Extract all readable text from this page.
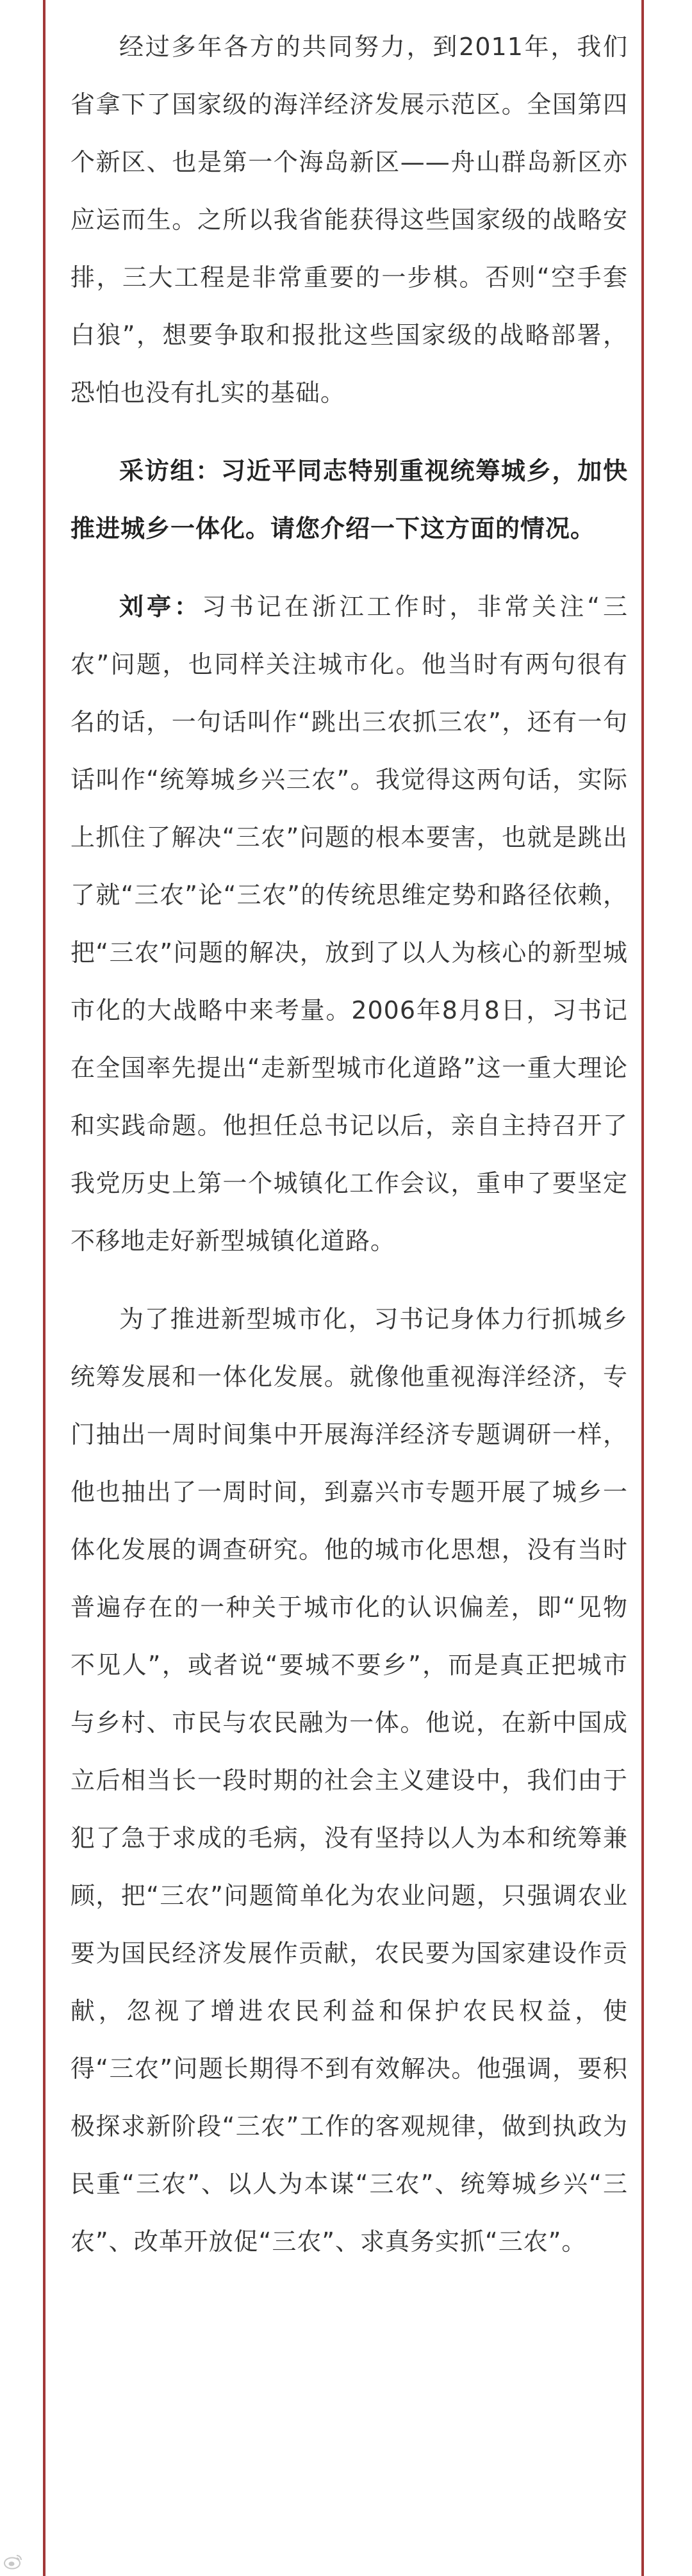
经过多年各方的共同努力，到2011年，我们省拿下了国家级的海洋经济发展示范区。全国第四个新区、也是第一个海岛新区——舟山群岛新区亦应运而生。之所以我省能获得这些国家级的战略安排，三大工程是非常重要的一步棋。否则“空手套白狼”，想要争取和报批这些国家级的战略部署，恐怕也没有扎实的基础。

采访组：习近平同志特别重视统筹城乡，加快推进城乡一体化。请您介绍一下这方面的情况。

刘亭：习书记在浙江工作时，非常关注“三农”问题，也同样关注城市化。他当时有两句很有名的话，一句话叫作“跳出三农抓三农”，还有一句话叫作“统筹城乡兴三农”。我觉得这两句话，实际上抓住了解决“三农”问题的根本要害，也就是跳出了就“三农”论“三农”的传统思维定势和路径依赖，把“三农”问题的解决，放到了以人为核心的新型城市化的大战略中来考量。2006年8月8日，习书记在全国率先提出“走新型城市化道路”这一重大理论和实践命题。他担任总书记以后，亲自主持召开了我党历史上第一个城镇化工作会议，重申了要坚定不移地走好新型城镇化道路。

为了推进新型城市化，习书记身体力行抓城乡统筹发展和一体化发展。就像他重视海洋经济，专门抽出一周时间集中开展海洋经济专题调研一样，他也抽出了一周时间，到嘉兴市专题开展了城乡一体化发展的调查研究。他的城市化思想，没有当时普遍存在的一种关于城市化的认识偏差，即“见物不见人”，或者说“要城不要乡”，而是真正把城市与乡村、市民与农民融为一体。他说，在新中国成立后相当长一段时期的社会主义建设中，我们由于犯了急于求成的毛病，没有坚持以人为本和统筹兼顾，把“三农”问题简单化为农业问题，只强调农业要为国民经济发展作贡献，农民要为国家建设作贡献，忽视了增进农民利益和保护农民权益，使得“三农”问题长期得不到有效解决。他强调，要积极探求新阶段“三农”工作的客观规律，做到执政为民重“三农”、以人为本谋“三农”、统筹城乡兴“三农”、改革开放促“三农”、求真务实抓“三农”。
